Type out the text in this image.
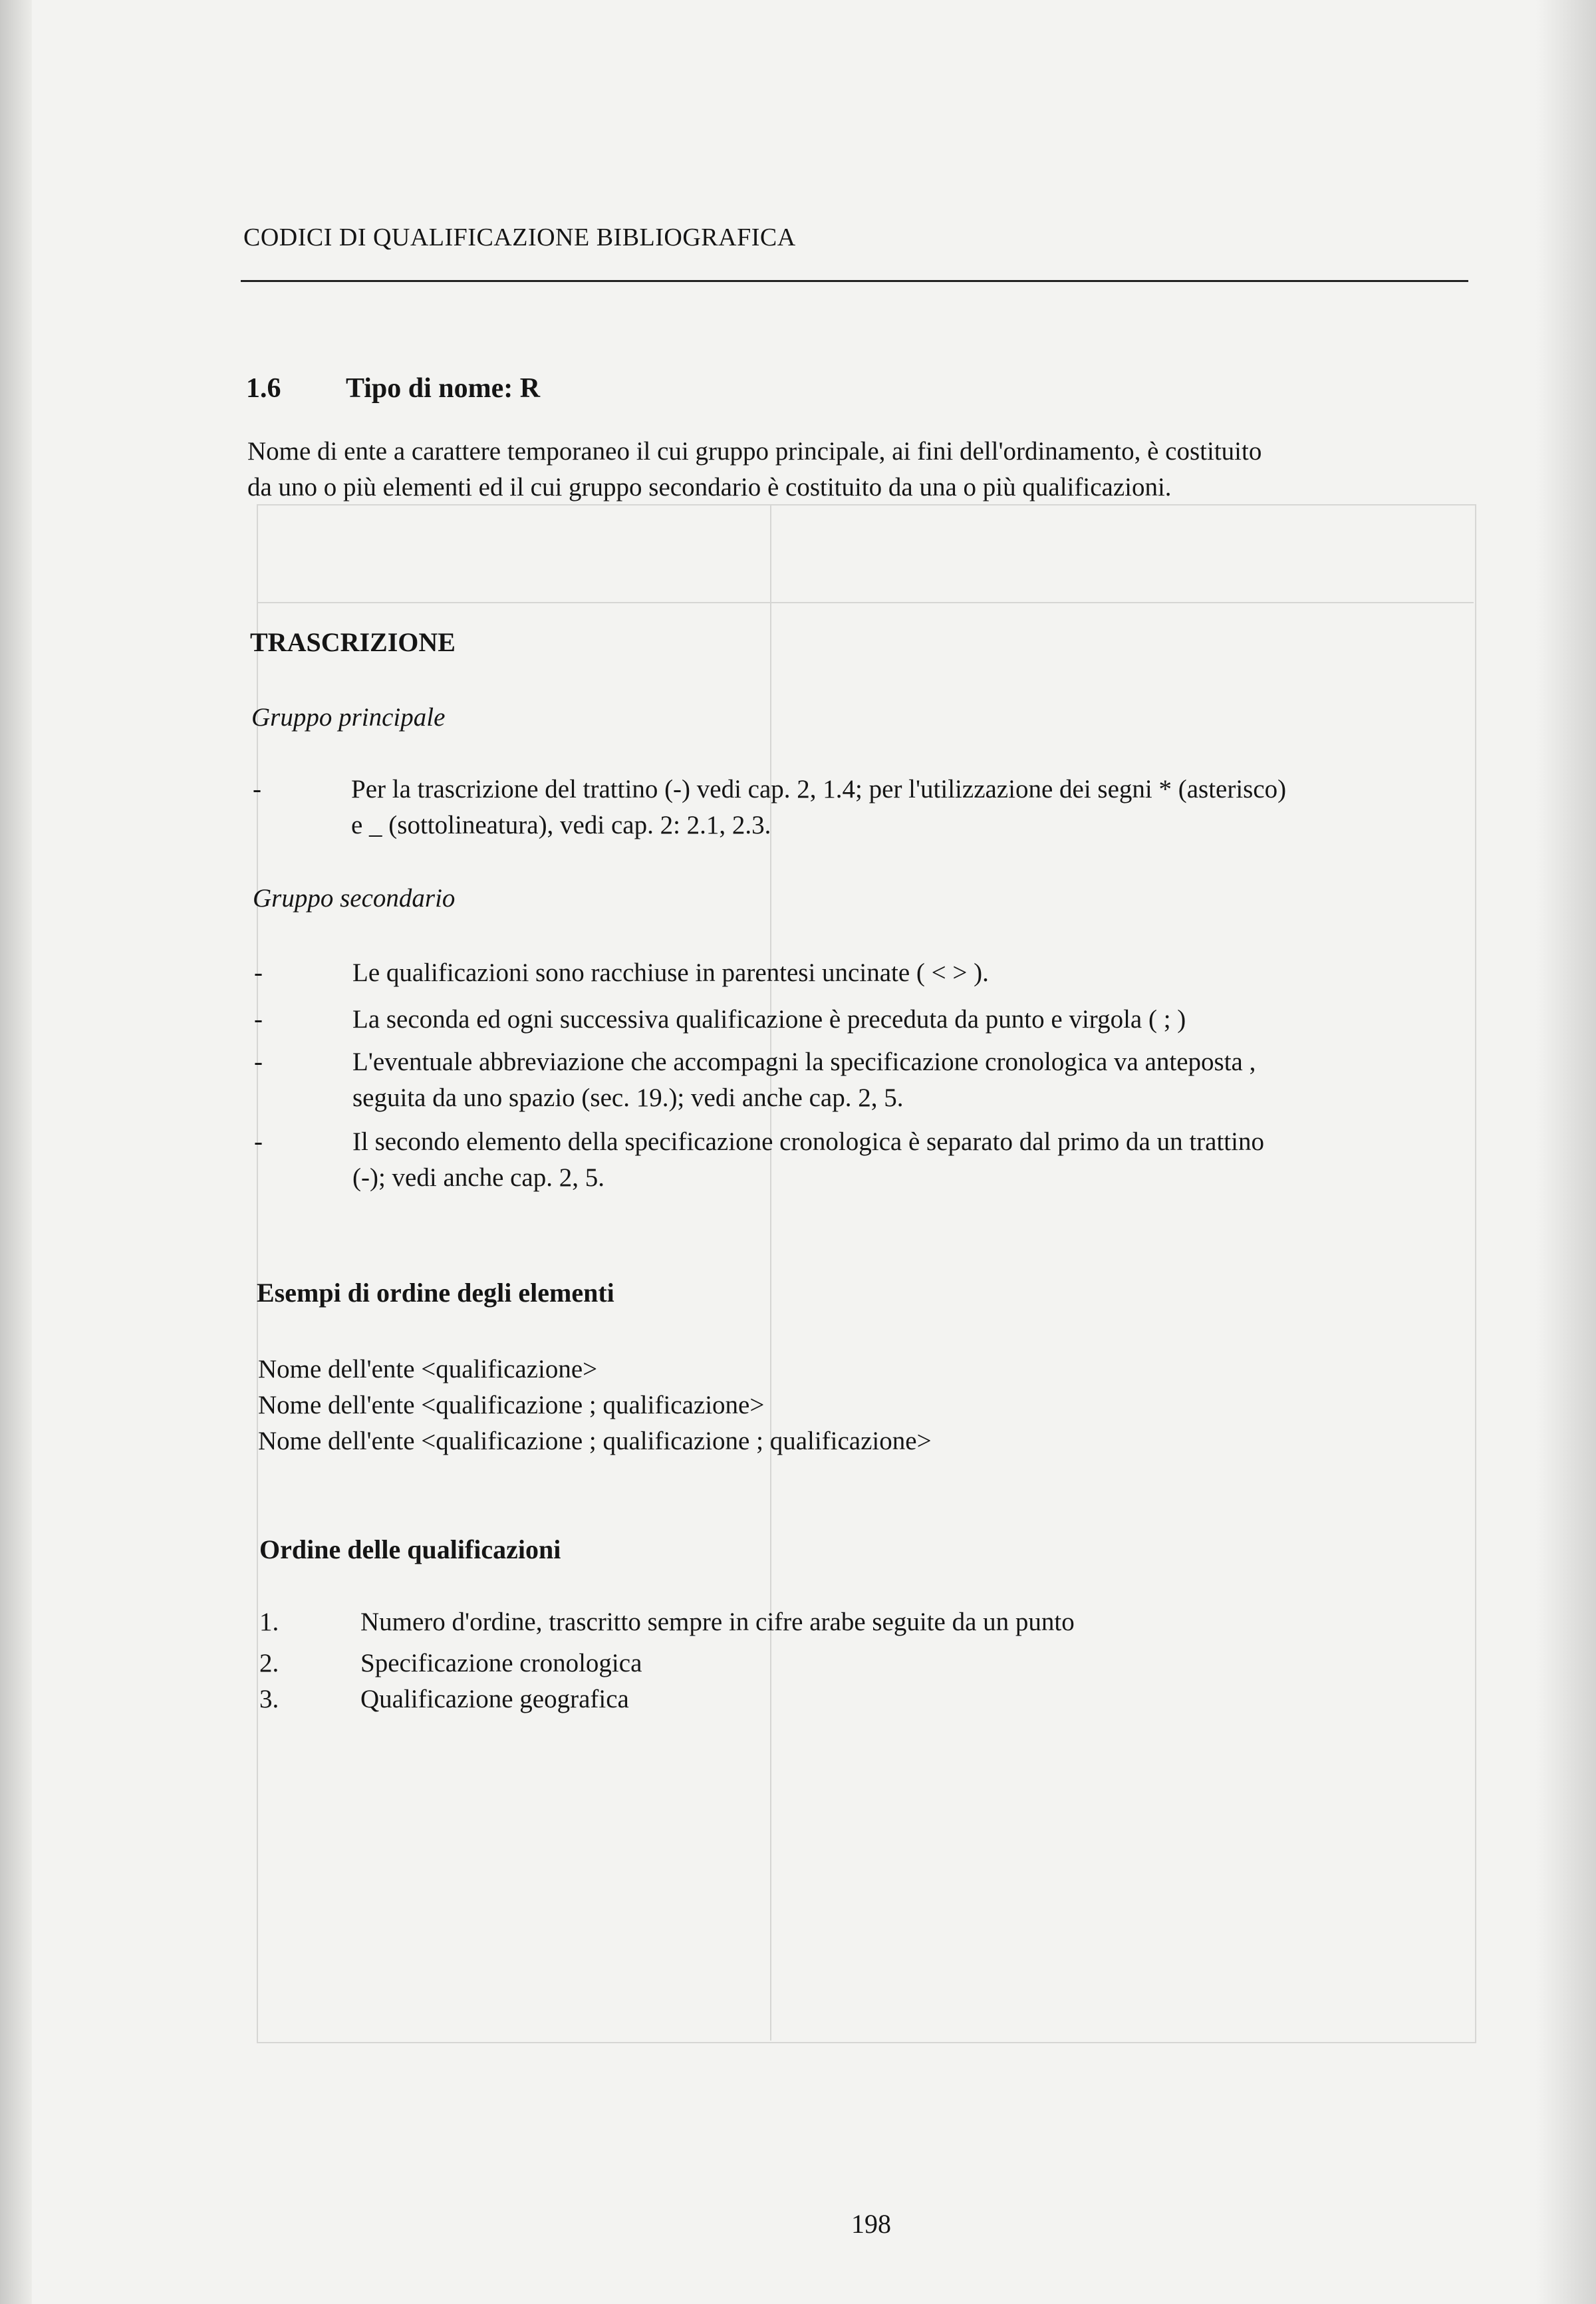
CODICI DI QUALIFICAZIONE BIBLIOGRAFICA
1.6 Tipo di nome: R
Nome di ente a carattere temporaneo il cui gruppo principale, ai fini dell'ordinamento, è costituito
da uno o più elementi ed il cui gruppo secondario è costituito da una o più qualificazioni.
TRASCRIZIONE
Gruppo principale
-	Per la trascrizione del trattino (-) vedi cap. 2, 1.4; per l'utilizzazione dei segni * (asterisco)
e _ (sottolineatura), vedi cap. 2: 2.1, 2.3.
Gruppo secondario
-	Le qualificazioni sono racchiuse in parentesi uncinate ( < > ).
-	La seconda ed ogni successiva qualificazione è preceduta da punto e virgola ( ; )
-	L'eventuale abbreviazione che accompagni la specificazione cronologica va anteposta ,
seguita da uno spazio (sec. 19.); vedi anche cap. 2, 5.
-	Il secondo elemento della specificazione cronologica è separato dal primo da un trattino
(-); vedi anche cap. 2, 5.
Esempi di ordine degli elementi
Nome dell'ente <qualificazione>
Nome dell'ente <qualificazione ; qualificazione>
Nome dell'ente <qualificazione ; qualificazione ; qualificazione>
Ordine delle qualificazioni
1.	Numero d'ordine, trascritto sempre in cifre arabe seguite da un punto
2.	Specificazione cronologica
3.	Qualificazione geografica
198
